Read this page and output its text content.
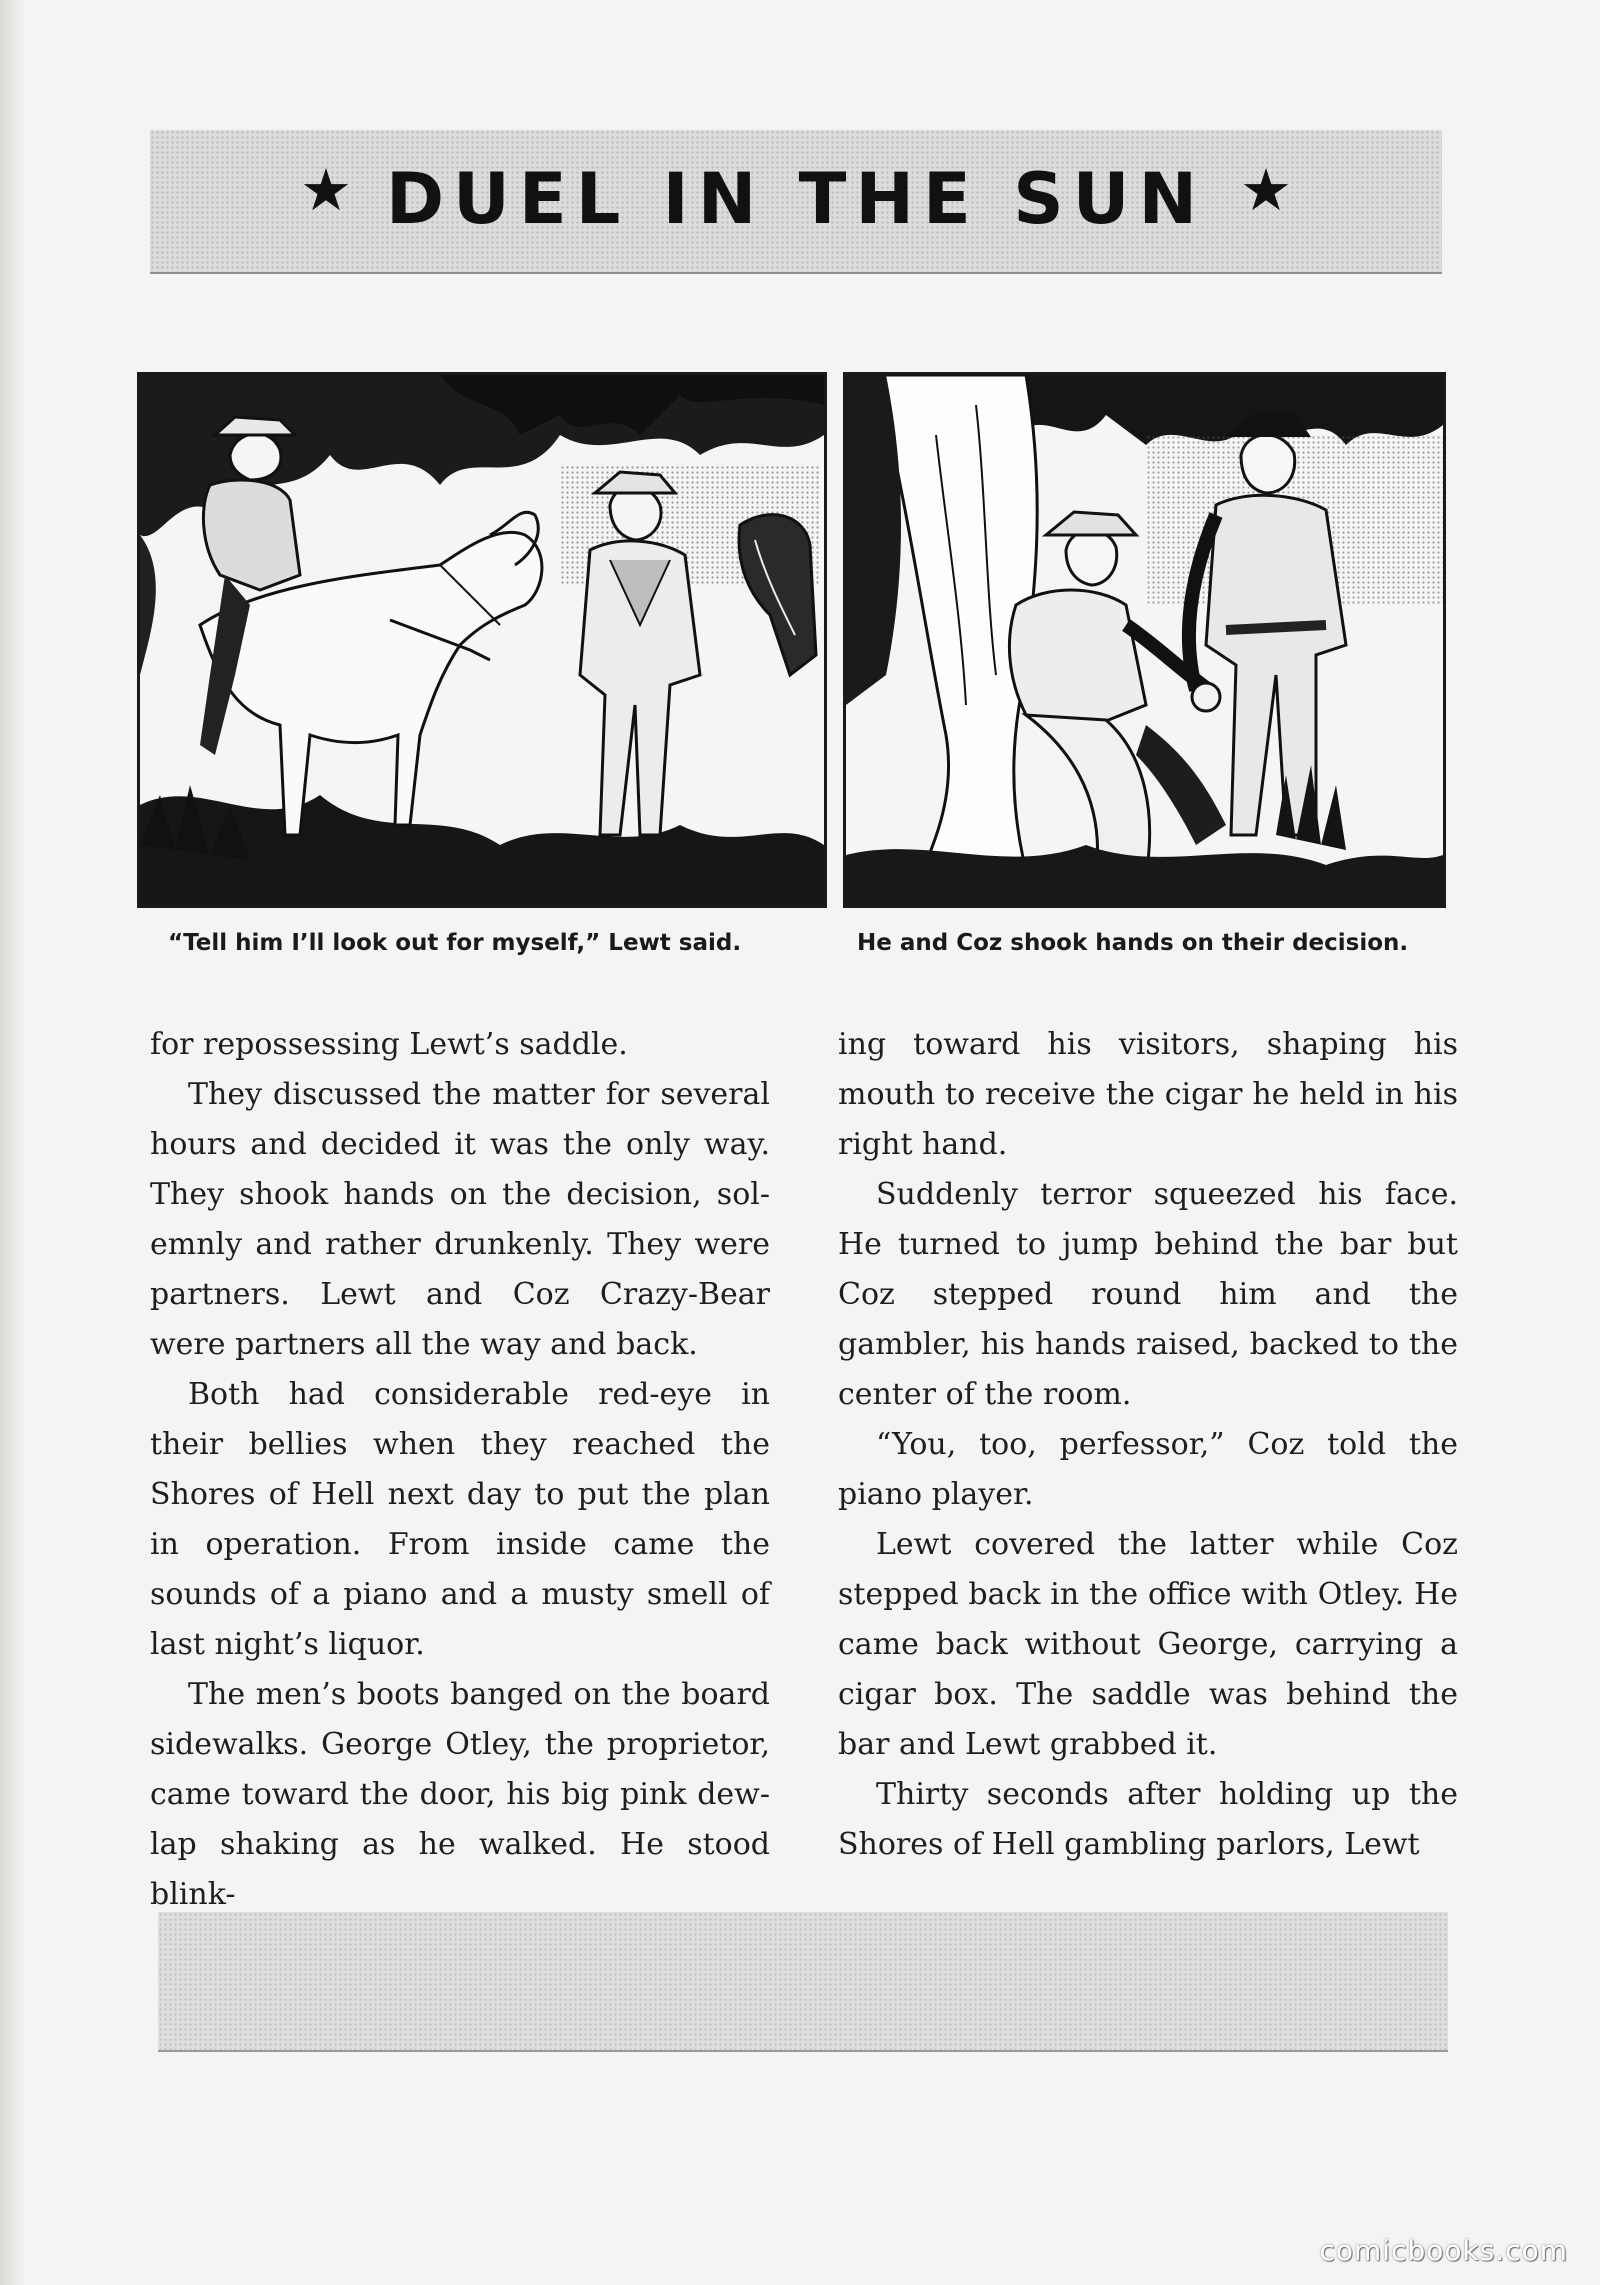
★ DUEL IN THE SUN ★
“Tell him I’ll look out for myself,” Lewt said.	He and Coz shook hands on their decision.

for repossessing Lewt’s saddle.

They discussed the matter for several hours and decided it was the only way. They shook hands on the decision, solemnly and rather drunkenly. They were partners. Lewt and Coz Crazy-Bear were partners all the way and back.

Both had considerable red-eye in their bellies when they reached the Shores of Hell next day to put the plan in operation. From inside came the sounds of a piano and a musty smell of last night’s liquor.

The men’s boots banged on the board sidewalks. George Otley, the proprietor, came toward the door, his big pink dewlap shaking as he walked. He stood blink-

ing toward his visitors, shaping his mouth to receive the cigar he held in his right hand.

Suddenly terror squeezed his face. He turned to jump behind the bar but Coz stepped round him and the gambler, his hands raised, backed to the center of the room.

“You, too, perfessor,” Coz told the piano player.

Lewt covered the latter while Coz stepped back in the office with Otley. He came back without George, carrying a cigar box. The saddle was behind the bar and Lewt grabbed it.

Thirty seconds after holding up the Shores of Hell gambling parlors, Lewt

comicbooks.com
